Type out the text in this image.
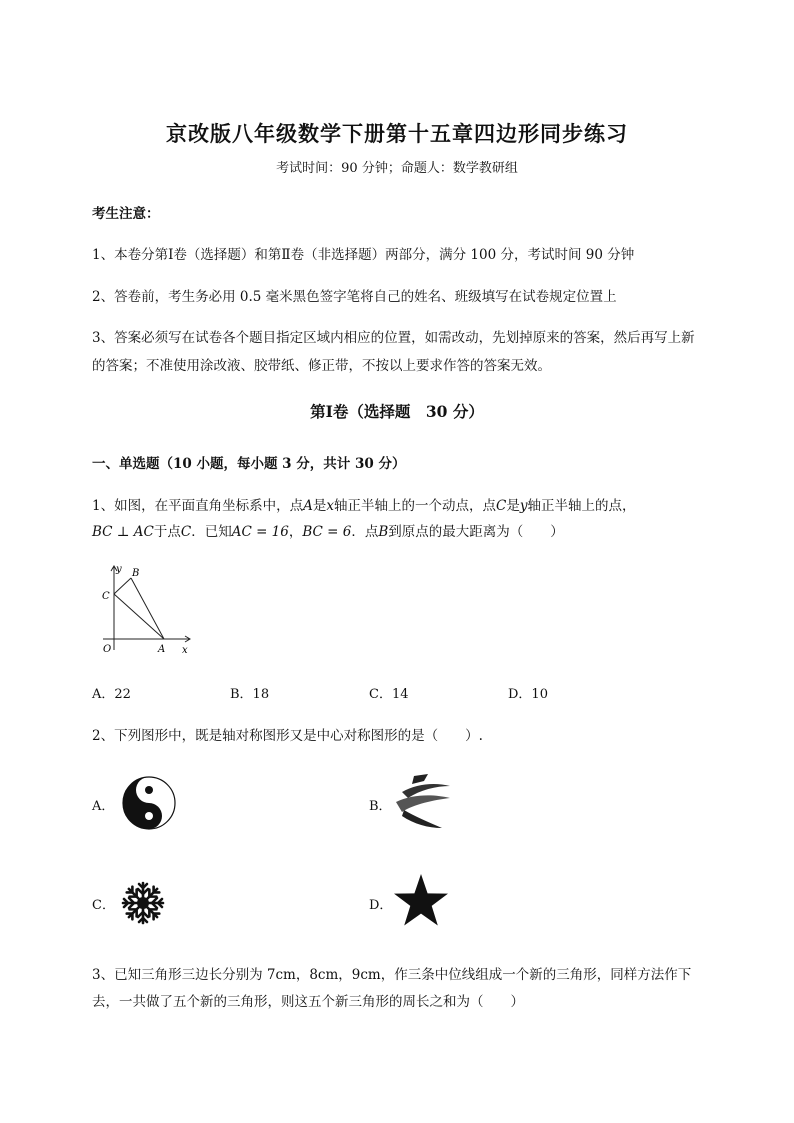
京改版八年级数学下册第十五章四边形同步练习
考试时间：90 分钟；命题人：数学教研组
考生注意：
1、本卷分第Ⅰ卷（选择题）和第Ⅱ卷（非选择题）两部分，满分 100 分，考试时间 90 分钟
2、答卷前，考生务必用 0.5 毫米黑色签字笔将自己的姓名、班级填写在试卷规定位置上
3、答案必须写在试卷各个题目指定区域内相应的位置，如需改动，先划掉原来的答案，然后再写上新
的答案；不准使用涂改液、胶带纸、修正带，不按以上要求作答的答案无效。
第Ⅰ卷（选择题　30 分）
一、单选题（10 小题，每小题 3 分，共计 30 分）
1、如图，在平面直角坐标系中，点A是x轴正半轴上的一个动点，点C是y轴正半轴上的点，
BC ⊥ AC于点C．已知AC = 16，BC = 6．点B到原点的最大距离为（　　）
y B
C
O	A x
A．22	B．18	C．14	D．10
2、下列图形中，既是轴对称图形又是中心对称图形的是（　　）.
A．	B．
C．	D．
3、已知三角形三边长分别为 7cm，8cm，9cm，作三条中位线组成一个新的三角形，同样方法作下
去，一共做了五个新的三角形，则这五个新三角形的周长之和为（　　）
